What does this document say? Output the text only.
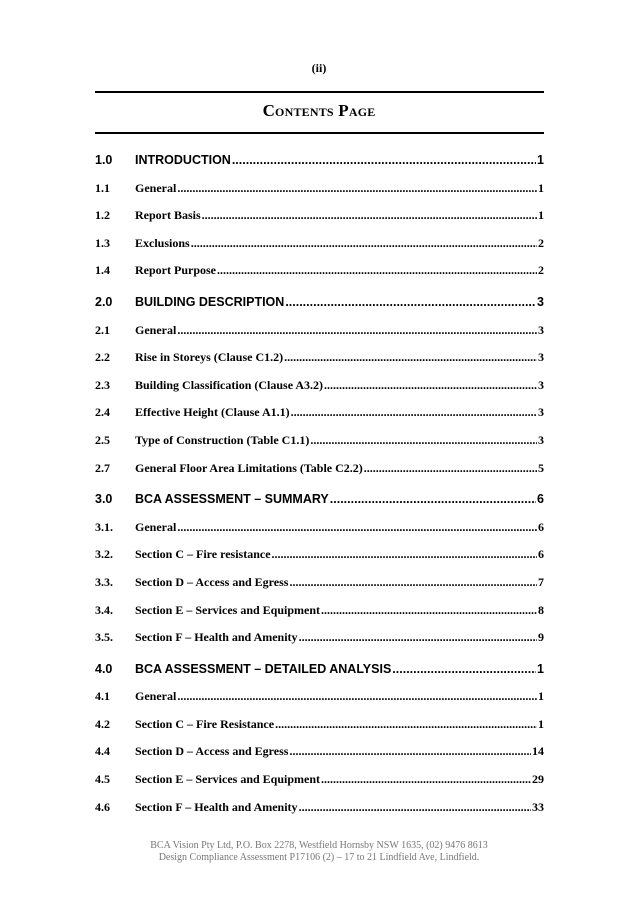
(ii)
Contents Page
1.0	INTRODUCTION .....	1
1.1	General .....	1
1.2	Report Basis .....	1
1.3	Exclusions .....	2
1.4	Report Purpose .....	2
2.0	BUILDING DESCRIPTION .....	3
2.1	General .....	3
2.2	Rise in Storeys (Clause C1.2) .....	3
2.3	Building Classification (Clause A3.2) .....	3
2.4	Effective Height (Clause A1.1) .....	3
2.5	Type of Construction (Table C1.1) .....	3
2.7	General Floor Area Limitations (Table C2.2) .....	5
3.0	BCA ASSESSMENT – SUMMARY .....	6
3.1.	General .....	6
3.2.	Section C – Fire resistance .....	6
3.3.	Section D – Access and Egress .....	7
3.4.	Section E – Services and Equipment .....	8
3.5.	Section F – Health and Amenity .....	9
4.0	BCA ASSESSMENT – DETAILED ANALYSIS .....	1
4.1	General .....	1
4.2	Section C – Fire Resistance .....	1
4.4	Section D – Access and Egress .....	14
4.5	Section E – Services and Equipment .....	29
4.6	Section F – Health and Amenity .....	33
BCA Vision Pty Ltd, P.O. Box 2278, Westfield Hornsby NSW 1635, (02) 9476 8613
Design Compliance Assessment P17106 (2) – 17 to 21 Lindfield Ave, Lindfield.
